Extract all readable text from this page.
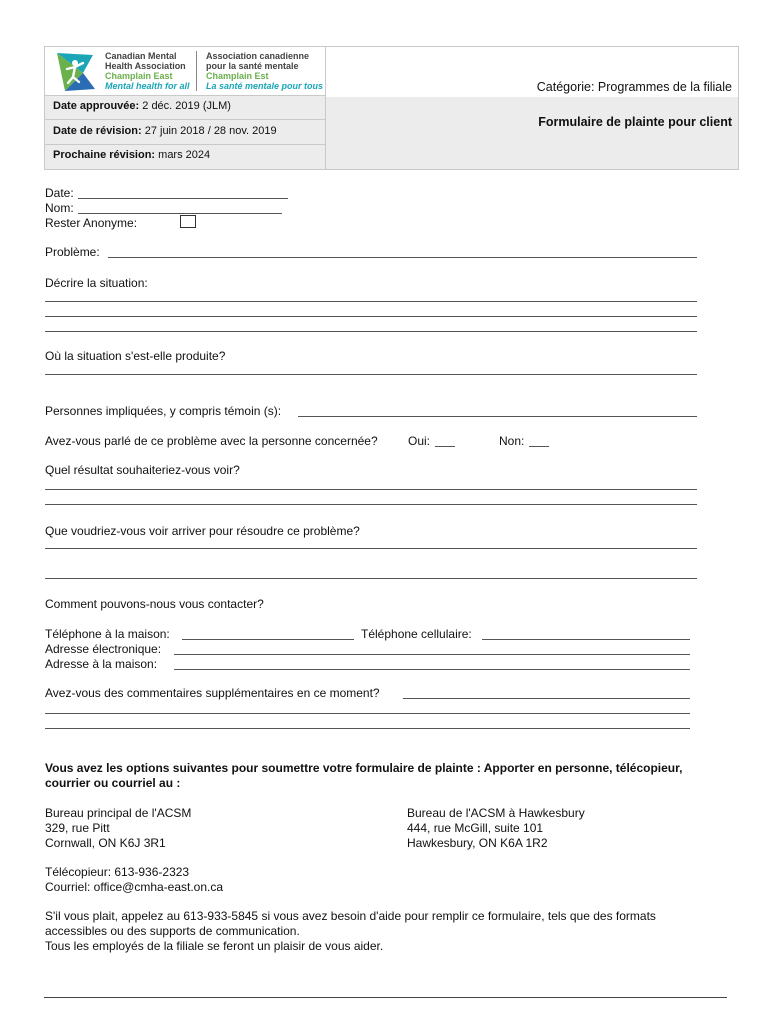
Canadian Mental
Health Association
Champlain East
Mental health for all
Association canadienne
pour la santé mentale
Champlain Est
La santé mentale pour tous	Catégorie: Programmes de la filiale
Formulaire de plainte pour client
Date approuvée: 2 déc. 2019 (JLM)
Date de révision: 27 juin 2018 / 28 nov. 2019
Prochaine révision: mars 2024
Date:
Nom:
Rester Anonyme:
Problème:
Décrire la situation:
Où la situation s'est-elle produite?
Personnes impliquées, y compris témoin (s):
Avez-vous parlé de ce problème avec la personne concernée?	Oui:	Non:
Quel résultat souhaiteriez-vous voir?
Que voudriez-vous voir arriver pour résoudre ce problème?
Comment pouvons-nous vous contacter?
Téléphone à la maison:	Téléphone cellulaire:
Adresse électronique:
Adresse à la maison:
Avez-vous des commentaires supplémentaires en ce moment?
Vous avez les options suivantes pour soumettre votre formulaire de plainte : Apporter en personne, télécopieur,
courrier ou courriel au :
Bureau principal de l'ACSM
329, rue Pitt
Cornwall, ON K6J 3R1
Bureau de l'ACSM à Hawkesbury
444, rue McGill, suite 101
Hawkesbury, ON K6A 1R2
Télécopieur: 613-936-2323
Courriel: office@cmha-east.on.ca
S'il vous plait, appelez au 613-933-5845 si vous avez besoin d'aide pour remplir ce formulaire, tels que des formats
accessibles ou des supports de communication.
Tous les employés de la filiale se feront un plaisir de vous aider.
